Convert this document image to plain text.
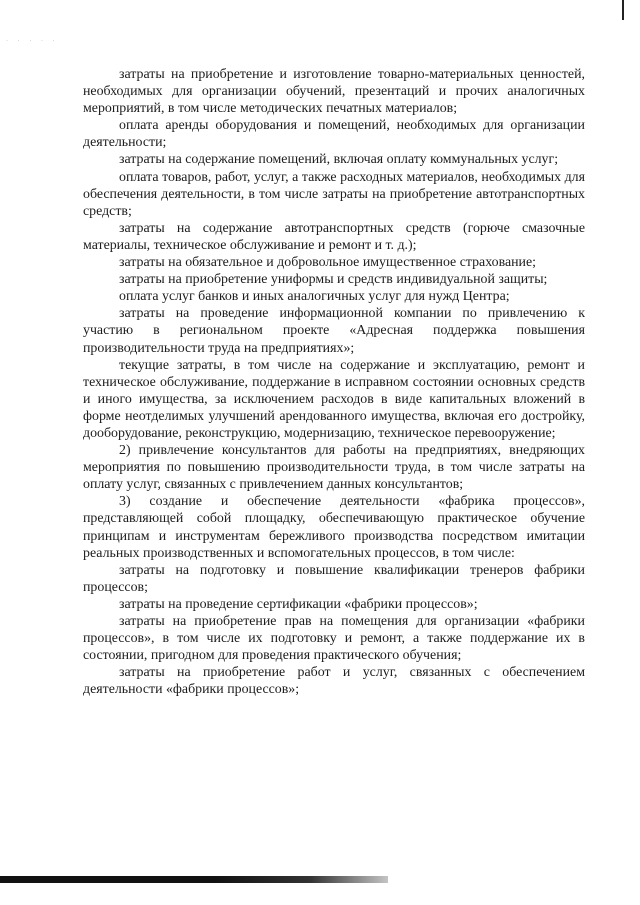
· · · · ·

затраты на приобретение и изготовление товарно-материальных ценностей, необходимых для организации обучений, презентаций и прочих аналогичных мероприятий, в том числе методических печатных материалов;

оплата аренды оборудования и помещений, необходимых для организации деятельности;

затраты на содержание помещений, включая оплату коммунальных услуг;

оплата товаров, работ, услуг, а также расходных материалов, необходимых для обеспечения деятельности, в том числе затраты на приобретение автотранспортных средств;

затраты на содержание автотранспортных средств (горюче смазочные материалы, техническое обслуживание и ремонт и т. д.);

затраты на обязательное и добровольное имущественное страхование;

затраты на приобретение униформы и средств индивидуальной защиты;

оплата услуг банков и иных аналогичных услуг для нужд Центра;

затраты на проведение информационной компании по привлечению к участию в региональном проекте «Адресная поддержка повышения производительности труда на предприятиях»;

текущие затраты, в том числе на содержание и эксплуатацию, ремонт и техническое обслуживание, поддержание в исправном состоянии основных средств и иного имущества, за исключением расходов в виде капитальных вложений в форме неотделимых улучшений арендованного имущества, включая его достройку, дооборудование, реконструкцию, модернизацию, техническое перевооружение;

2) привлечение консультантов для работы на предприятиях, внедряющих мероприятия по повышению производительности труда, в том числе затраты на оплату услуг, связанных с привлечением данных консультантов;

3) создание и обеспечение деятельности «фабрика процессов», представляющей собой площадку, обеспечивающую практическое обучение принципам и инструментам бережливого производства посредством имитации реальных производственных и вспомогательных процессов, в том числе:

затраты на подготовку и повышение квалификации тренеров фабрики процессов;

затраты на проведение сертификации «фабрики процессов»;

затраты на приобретение прав на помещения для организации «фабрики процессов», в том числе их подготовку и ремонт, а также поддержание их в состоянии, пригодном для проведения практического обучения;

затраты на приобретение работ и услуг, связанных с обеспечением деятельности «фабрики процессов»;
